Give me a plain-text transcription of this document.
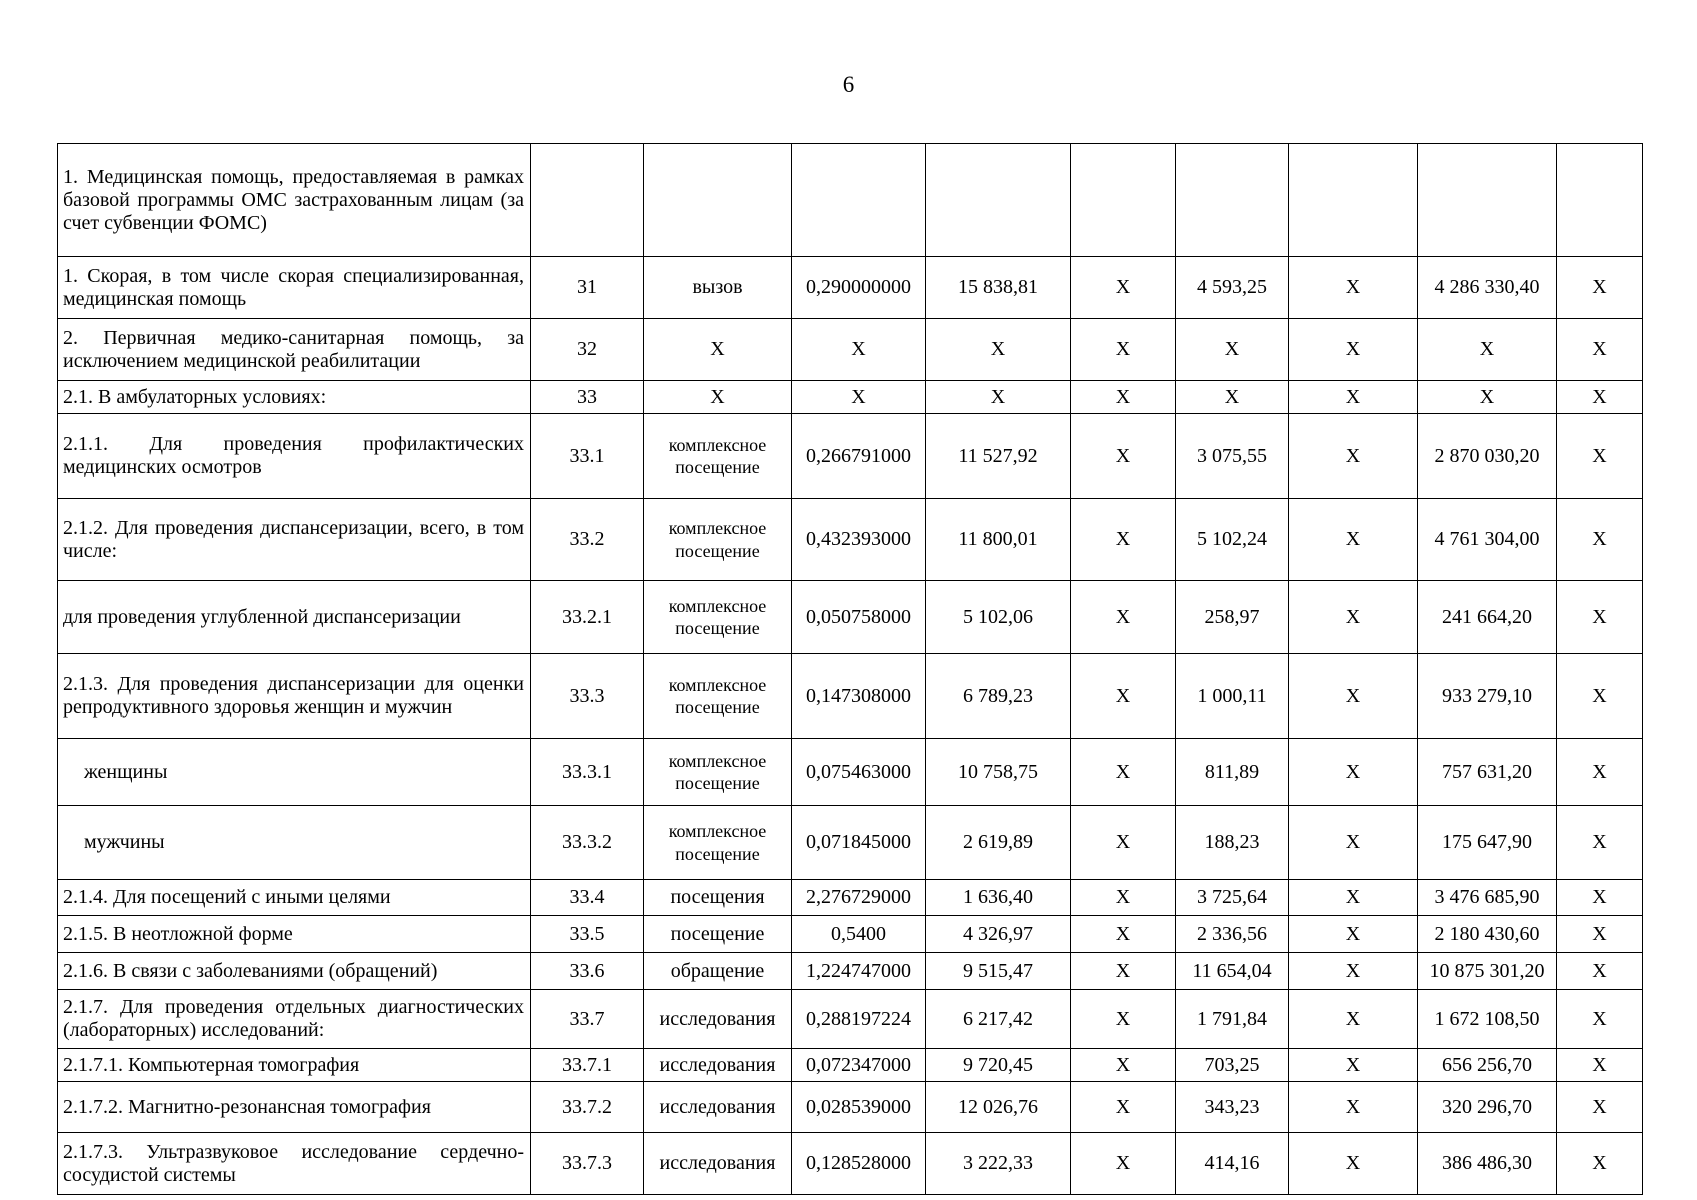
6
1. Медицинская помощь, предоставляемая в рамках базовой программы ОМС застрахованным лицам (за счет субвенции ФОМС)									
1. Скорая, в том числе скорая специализированная, медицинская помощь	31	вызов	0,290000000	15 838,81	X	4 593,25	X	4 286 330,40	X
2. Первичная медико-санитарная помощь, за исключением медицинской реабилитации	32	X	X	X	X	X	X	X	X
2.1. В амбулаторных условиях:	33	X	X	X	X	X	X	X	X
2.1.1. Для проведения профилактических медицинских осмотров	33.1	комплексное посещение	0,266791000	11 527,92	X	3 075,55	X	2 870 030,20	X
2.1.2. Для проведения диспансеризации, всего, в том числе:	33.2	комплексное посещение	0,432393000	11 800,01	X	5 102,24	X	4 761 304,00	X
для проведения углубленной диспансеризации	33.2.1	комплексное посещение	0,050758000	5 102,06	X	258,97	X	241 664,20	X
2.1.3. Для проведения диспансеризации для оценки репродуктивного здоровья женщин и мужчин	33.3	комплексное посещение	0,147308000	6 789,23	X	1 000,11	X	933 279,10	X
женщины	33.3.1	комплексное посещение	0,075463000	10 758,75	X	811,89	X	757 631,20	X
мужчины	33.3.2	комплексное посещение	0,071845000	2 619,89	X	188,23	X	175 647,90	X
2.1.4. Для посещений с иными целями	33.4	посещения	2,276729000	1 636,40	X	3 725,64	X	3 476 685,90	X
2.1.5. В неотложной форме	33.5	посещение	0,5400	4 326,97	X	2 336,56	X	2 180 430,60	X
2.1.6. В связи с заболеваниями (обращений)	33.6	обращение	1,224747000	9 515,47	X	11 654,04	X	10 875 301,20	X
2.1.7. Для проведения отдельных диагностических (лабораторных) исследований:	33.7	исследования	0,288197224	6 217,42	X	1 791,84	X	1 672 108,50	X
2.1.7.1. Компьютерная томография	33.7.1	исследования	0,072347000	9 720,45	X	703,25	X	656 256,70	X
2.1.7.2. Магнитно-резонансная томография	33.7.2	исследования	0,028539000	12 026,76	X	343,23	X	320 296,70	X
2.1.7.3. Ультразвуковое исследование сердечно-сосудистой системы	33.7.3	исследования	0,128528000	3 222,33	X	414,16	X	386 486,30	X
